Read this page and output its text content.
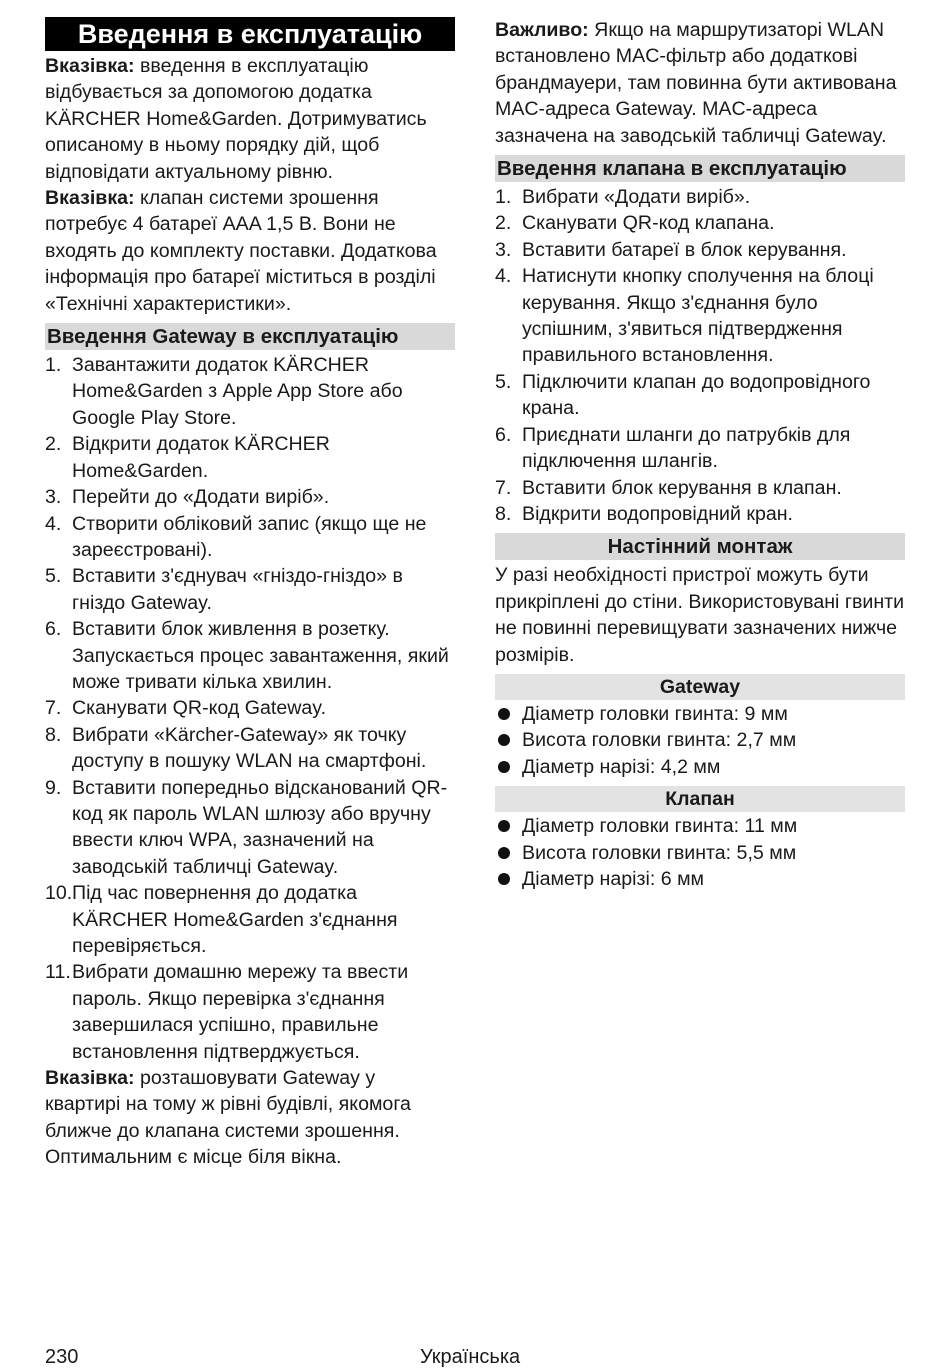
Введення в експлуатацію

Вказівка: введення в експлуатацію відбувається за допомогою додатка KÄRCHER Home&Garden. Дотримуватись описаному в ньому порядку дій, щоб відповідати актуальному рівню.

Вказівка: клапан системи зрошення потребує 4 батареї AAA 1,5 В. Вони не входять до комплекту поставки. Додаткова інформація про батареї міститься в розділі «Технічні характеристики».

Введення Gateway в експлуатацію
1. Завантажити додаток KÄRCHER Home&Garden з Apple App Store або Google Play Store.
2. Відкрити додаток KÄRCHER Home&Garden.
3. Перейти до «Додати виріб».
4. Створити обліковий запис (якщо ще не зареєстровані).
5. Вставити з'єднувач «гніздо-гніздо» в гніздо Gateway.
6. Вставити блок живлення в розетку. Запускається процес завантаження, який може тривати кілька хвилин.
7. Сканувати QR-код Gateway.
8. Вибрати «Kärcher-Gateway» як точку доступу в пошуку WLAN на смартфоні.
9. Вставити попередньо відсканований QR-код як пароль WLAN шлюзу або вручну ввести ключ WPA, зазначений на заводській табличці Gateway.
10. Під час повернення до додатка KÄRCHER Home&Garden з'єднання перевіряється.
11. Вибрати домашню мережу та ввести пароль. Якщо перевірка з'єднання завершилася успішно, правильне встановлення підтверджується.

Вказівка: розташовувати Gateway у квартирі на тому ж рівні будівлі, якомога ближче до клапана системи зрошення. Оптимальним є місце біля вікна.

Важливо: Якщо на маршрутизаторі WLAN встановлено MAC-фільтр або додаткові брандмауери, там повинна бути активована MAC-адреса Gateway. MAC-адреса зазначена на заводській табличці Gateway.

Введення клапана в експлуатацію
1. Вибрати «Додати виріб».
2. Сканувати QR-код клапана.
3. Вставити батареї в блок керування.
4. Натиснути кнопку сполучення на блоці керування. Якщо з'єднання було успішним, з'явиться підтвердження правильного встановлення.
5. Підключити клапан до водопровідного крана.
6. Приєднати шланги до патрубків для підключення шлангів.
7. Вставити блок керування в клапан.
8. Відкрити водопровідний кран.
Настінний монтаж

У разі необхідності пристрої можуть бути прикріплені до стіни. Використовувані гвинти не повинні перевищувати зазначених нижче розмірів.

Gateway
Діаметр головки гвинта: 9 мм
Висота головки гвинта: 2,7 мм
Діаметр нарізі: 4,2 мм
Клапан
Діаметр головки гвинта: 11 мм
Висота головки гвинта: 5,5 мм
Діаметр нарізі: 6 мм
230	Українська
